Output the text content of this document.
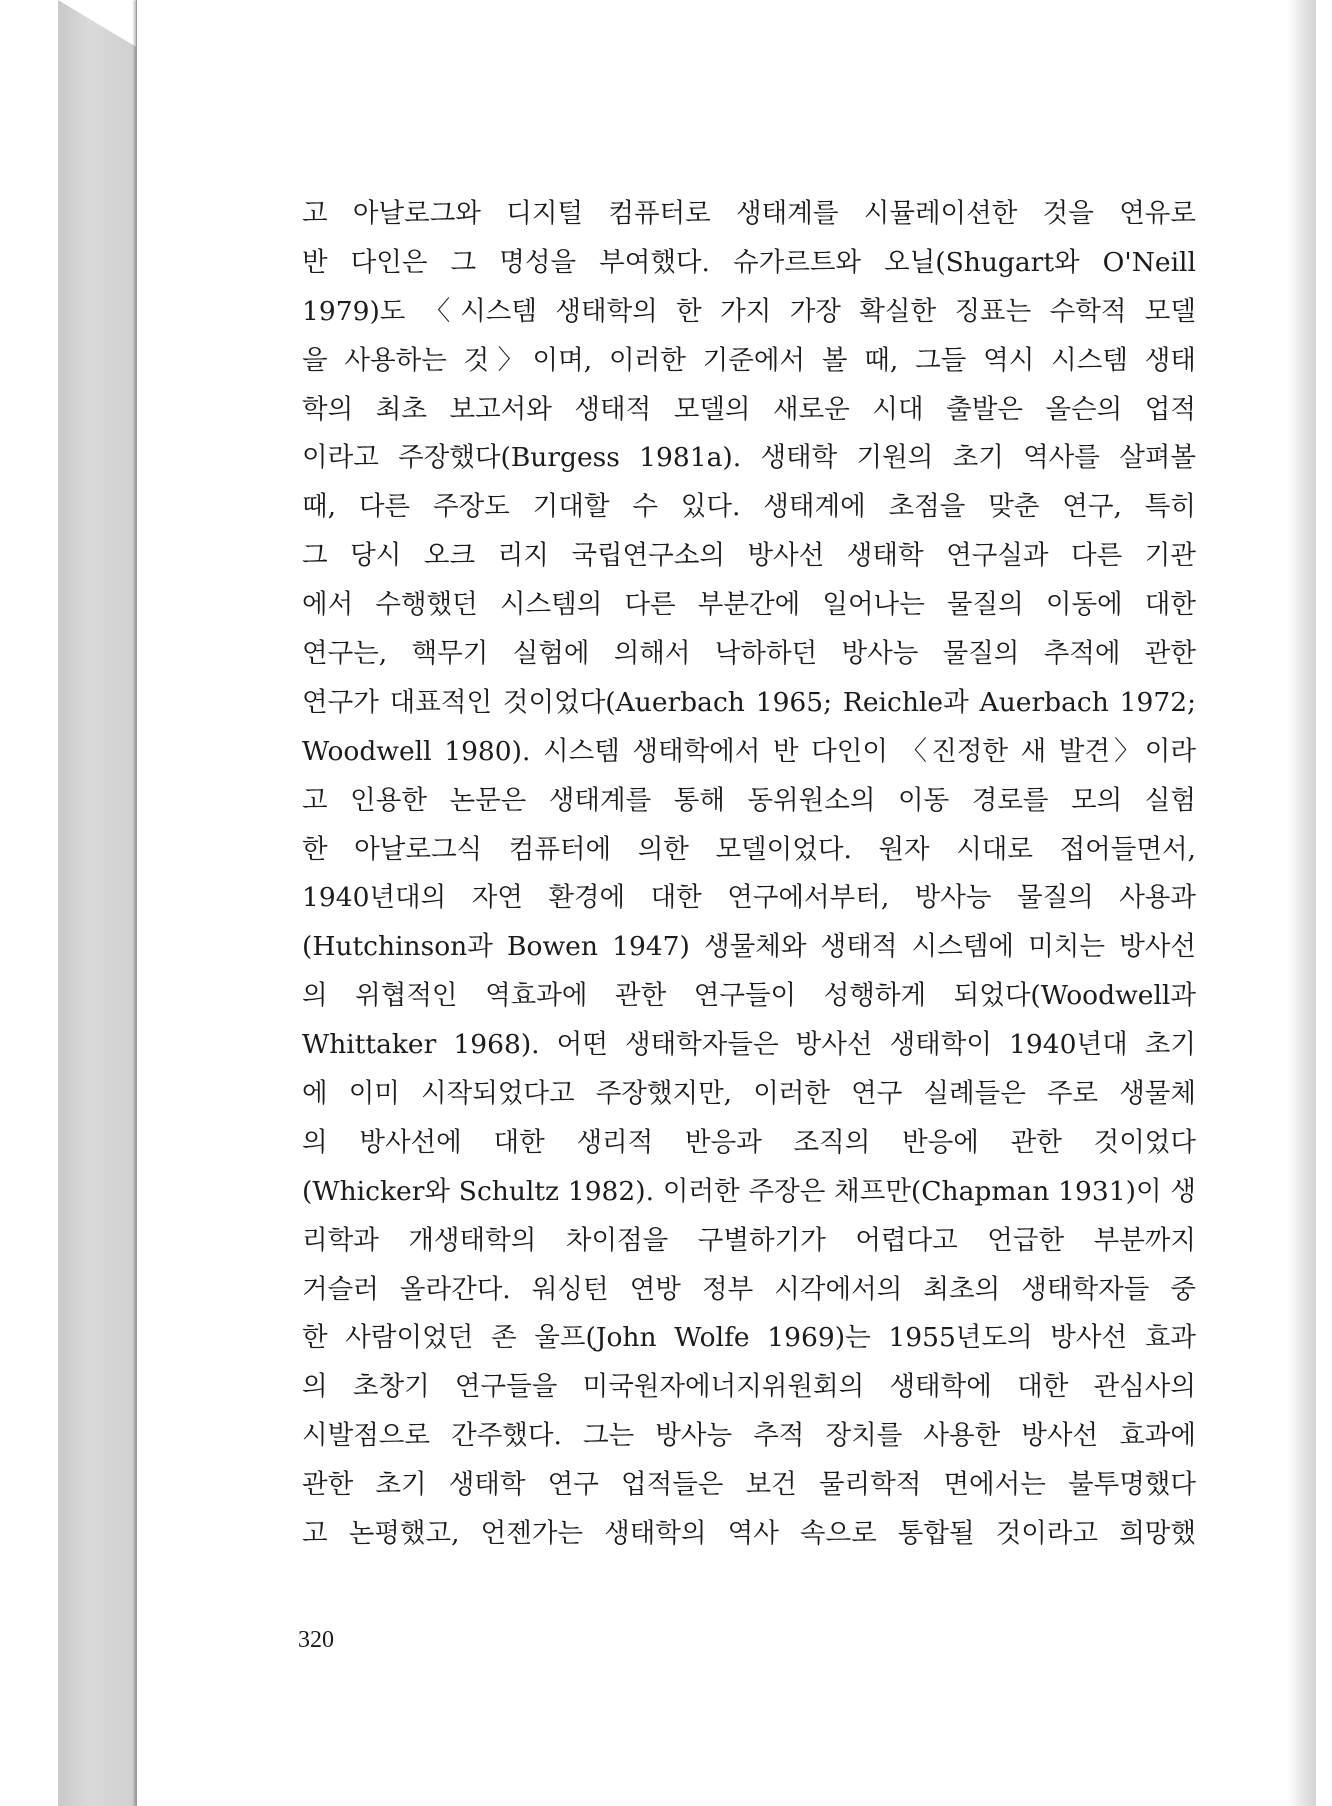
고 아날로그와 디지털 컴퓨터로 생태계를 시뮬레이션한 것을 연유로
반 다인은 그 명성을 부여했다. 슈가르트와 오닐(Shugart와 O'Neill
1979)도 〈시스템 생태학의 한 가지 가장 확실한 징표는 수학적 모델
을 사용하는 것〉이며, 이러한 기준에서 볼 때, 그들 역시 시스템 생태
학의 최초 보고서와 생태적 모델의 새로운 시대 출발은 올슨의 업적
이라고 주장했다(Burgess 1981a). 생태학 기원의 초기 역사를 살펴볼
때, 다른 주장도 기대할 수 있다. 생태계에 초점을 맞춘 연구, 특히
그 당시 오크 리지 국립연구소의 방사선 생태학 연구실과 다른 기관
에서 수행했던 시스템의 다른 부분간에 일어나는 물질의 이동에 대한
연구는, 핵무기 실험에 의해서 낙하하던 방사능 물질의 추적에 관한
연구가 대표적인 것이었다(Auerbach 1965; Reichle과 Auerbach 1972;
Woodwell 1980). 시스템 생태학에서 반 다인이 〈진정한 새 발견〉이라
고 인용한 논문은 생태계를 통해 동위원소의 이동 경로를 모의 실험
한 아날로그식 컴퓨터에 의한 모델이었다. 원자 시대로 접어들면서,
1940년대의 자연 환경에 대한 연구에서부터, 방사능 물질의 사용과
(Hutchinson과 Bowen 1947) 생물체와 생태적 시스템에 미치는 방사선
의 위협적인 역효과에 관한 연구들이 성행하게 되었다(Woodwell과
Whittaker 1968). 어떤 생태학자들은 방사선 생태학이 1940년대 초기
에 이미 시작되었다고 주장했지만, 이러한 연구 실례들은 주로 생물체
의 방사선에 대한 생리적 반응과 조직의 반응에 관한 것이었다
(Whicker와 Schultz 1982). 이러한 주장은 채프만(Chapman 1931)이 생
리학과 개생태학의 차이점을 구별하기가 어렵다고 언급한 부분까지
거슬러 올라간다. 워싱턴 연방 정부 시각에서의 최초의 생태학자들 중
한 사람이었던 존 울프(John Wolfe 1969)는 1955년도의 방사선 효과
의 초창기 연구들을 미국원자에너지위원회의 생태학에 대한 관심사의
시발점으로 간주했다. 그는 방사능 추적 장치를 사용한 방사선 효과에
관한 초기 생태학 연구 업적들은 보건 물리학적 면에서는 불투명했다
고 논평했고, 언젠가는 생태학의 역사 속으로 통합될 것이라고 희망했
320
